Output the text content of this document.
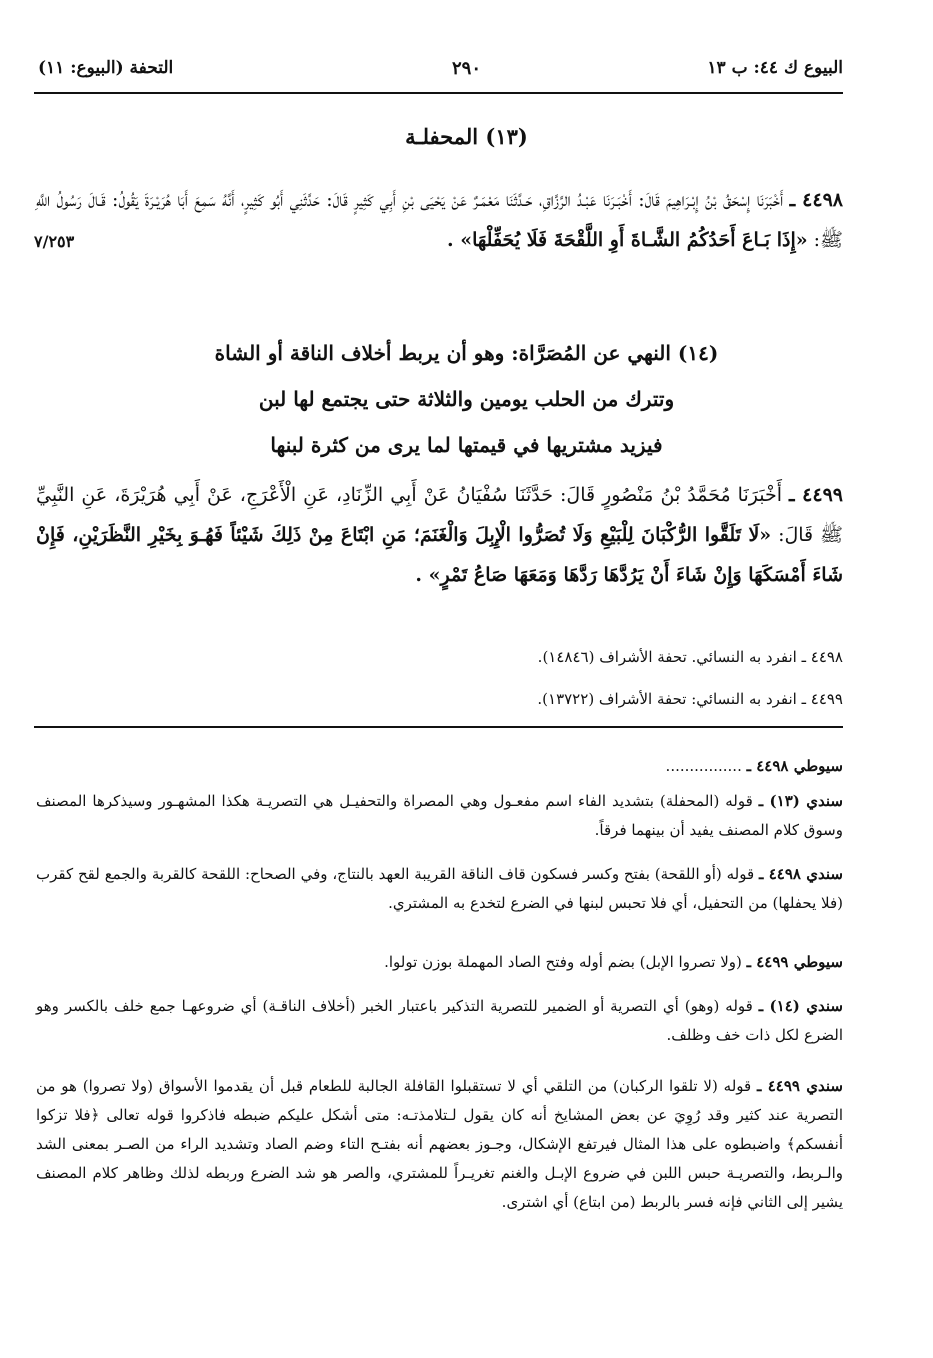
البيوع ك ٤٤: ب ١٣
٢٩٠
التحفة (البيوع: ١١)
(١٣) المحفلـة
٤٤٩٨ ـ أَخْبَرَنَا إِسْحَقُ بْنُ إِبْـرَاهِيمَ قَالَ: أَخْبَـرَنَا عَبْـدُ الرَّزَّاقِ، حَـدَّثَنَا مَعْمَـرٌ عَنْ يَحْيَى بْنِ أَبِي كَثِيرٍ قَالَ: حَدَّثَنِي أَبُو كَثِيرٍ، أَنَّهُ سَمِعَ أَبَا هُرَيْـرَةَ يَقُولُ: قَـالَ رَسُولُ اللَّهِ ﷺ: «إِذَا بَـاعَ أَحَدُكُمُ الشَّـاةَ أَوِ اللَّقْحَةَ فَلَا يُحَفِّلْهَا» .
٧/٢٥٣
(١٤) النهي عن المُصَرَّاة: وهو أن يربط أخلاف الناقة أو الشاة
وتترك من الحلب يومين والثلاثة حتى يجتمع لها لبن
فيزيد مشتريها في قيمتها لما يرى من كثرة لبنها
٤٤٩٩ ـ أَخْبَرَنَا مُحَمَّدُ بْنُ مَنْصُورٍ قَالَ: حَدَّثَنَا سُفْيَانُ عَنْ أَبِي الزِّنَادِ، عَنِ الْأَعْرَجِ، عَنْ أَبِي هُرَيْرَةَ، عَنِ النَّبِيِّ ﷺ قَالَ: «لَا تَلَقَّوا الرُّكْبَانَ لِلْبَيْعِ وَلَا تُصَرُّوا الْإِبِلَ وَالْغَنَمَ؛ مَنِ ابْتَاعَ مِنْ ذَلِكَ شَيْئاً فَهُـوَ بِخَيْرِ النَّظَرَيْنِ، فَإِنْ شَاءَ أَمْسَكَهَا وَإِنْ شَاءَ أَنْ يَرُدَّهَا رَدَّهَا وَمَعَهَا صَاعُ تَمْرٍ» .
٤٤٩٨ ـ انفرد به النسائي. تحفة الأشراف (١٤٨٤٦).
٤٤٩٩ ـ انفرد به النسائي: تحفة الأشراف (١٣٧٢٢).
سيوطي ٤٤٩٨ ـ ................
سندي (١٣) ـ قوله (المحفلة) بتشديد الفاء اسم مفعـول وهي المصراة والتحفيـل هي التصريـة هكذا المشهـور وسيذكرها المصنف وسوق كلام المصنف يفيد أن بينهما فرقاً.
سندي ٤٤٩٨ ـ قوله (أو اللقحة) بفتح وكسر فسكون قاف الناقة القريبة العهد بالنتاج، وفي الصحاح: اللقحة كالقربة والجمع لقح كقرب (فلا يحفلها) من التحفيل، أي فلا تحبس لبنها في الضرع لتخدع به المشتري.
سيوطي ٤٤٩٩ ـ (ولا تصروا الإبل) بضم أوله وفتح الصاد المهملة بوزن تولوا.
سندي (١٤) ـ قوله (وهو) أي التصرية أو الضمير للتصرية التذكير باعتبار الخبر (أخلاف الناقـة) أي ضروعهـا جمع خلف بالكسر وهو الضرع لكل ذات خف وظلف.
سندي ٤٤٩٩ ـ قوله (لا تلقوا الركبان) من التلقي أي لا تستقبلوا القافلة الجالبة للطعام قبل أن يقدموا الأسواق (ولا تصروا) هو من التصرية عند كثير وقد رُوِيَ عن بعض المشايخ أنه كان يقول لـتلامذتـه: متى أشكل عليكم ضبطه فاذكروا قوله تعالى ﴿فلا تزكوا أنفسكم﴾ واضبطوه على هذا المثال فيرتفع الإشكال، وجـوز بعضهم أنه بفتـح التاء وضم الصاد وتشديد الراء من الصـر بمعنى الشد والـربط، والتصريـة حبس اللبن في ضروع الإبـل والغنم تغريـراً للمشتري، والصر هو شد الضرع وربطه لذلك وظاهر كلام المصنف يشير إلى الثاني فإنه فسر بالربط (من ابتاع) أي اشترى.
